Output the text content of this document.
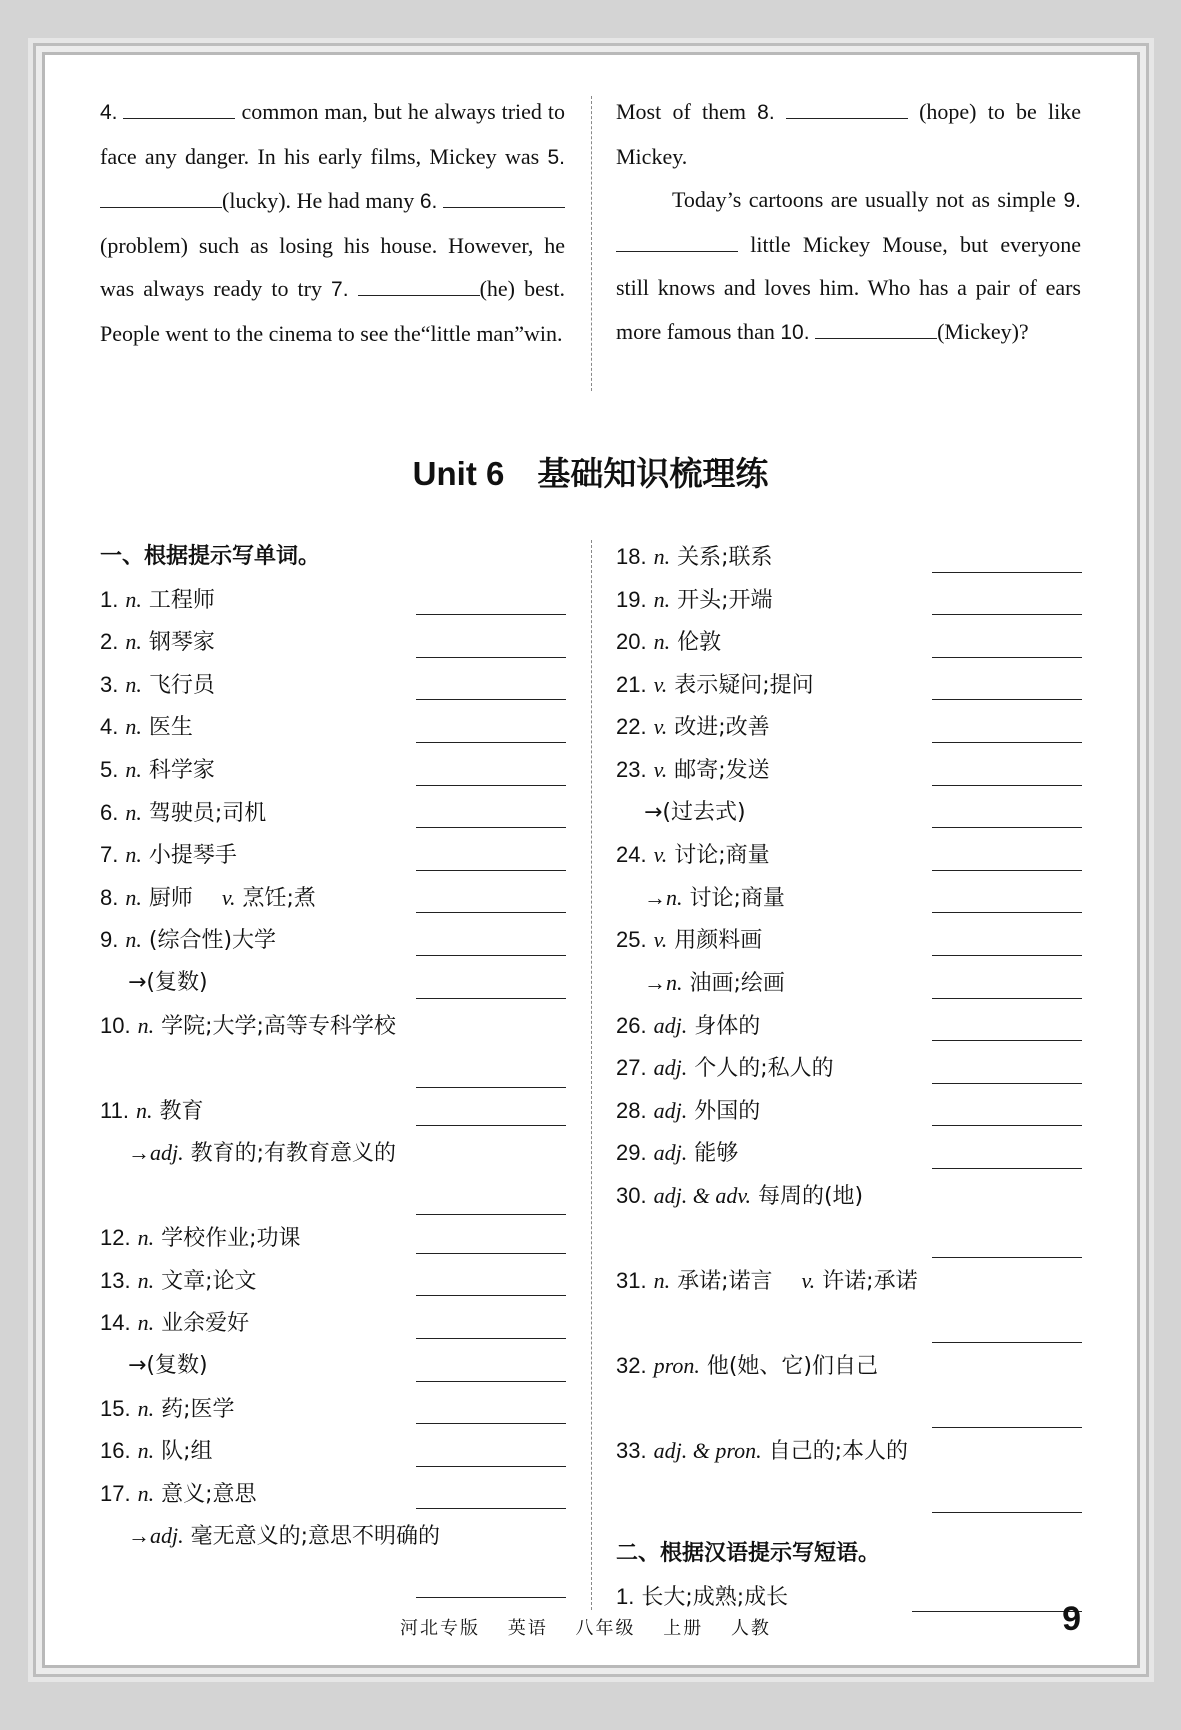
4.	common man, but he always tried to face any danger. In his early films, Mickey was 5. (lucky). He had many 6.  (problem) such as losing his house. However, he was always ready to try 7.	(he) best. People went to the cinema to see the“little man”win.

Most of them 8.	(hope) to be like Mickey.

Today’s cartoons are usually not as simple 9.  little Mickey Mouse, but everyone still knows and loves him. Who has a pair of ears more famous than 10.	(Mickey)?

Unit 6　基础知识梳理练
一、根据提示写单词。
1. n. 工程师
2. n. 钢琴家
3. n. 飞行员
4. n. 医生
5. n. 科学家
6. n. 驾驶员;司机
7. n. 小提琴手
8. n. 厨师　 v. 烹饪;煮
9. n. (综合性)大学
→(复数)
10. n. 学院;大学;高等专科学校
11. n. 教育
→adj. 教育的;有教育意义的
12. n. 学校作业;功课
13. n. 文章;论文
14. n. 业余爱好
→(复数)
15. n. 药;医学
16. n. 队;组
17. n. 意义;意思
→adj. 毫无意义的;意思不明确的
18. n. 关系;联系
19. n. 开头;开端
20. n. 伦敦
21. v. 表示疑问;提问
22. v. 改进;改善
23. v. 邮寄;发送
→(过去式)
24. v. 讨论;商量
→n. 讨论;商量
25. v. 用颜料画
→n. 油画;绘画
26. adj. 身体的
27. adj. 个人的;私人的
28. adj. 外国的
29. adj. 能够
30. adj. & adv. 每周的(地)
31. n. 承诺;诺言　 v. 许诺;承诺
32. pron. 他(她、它)们自己
33. adj. & pron. 自己的;本人的
二、根据汉语提示写短语。
1. 长大;成熟;成长
河北专版 英语 八年级 上册 人教	9
